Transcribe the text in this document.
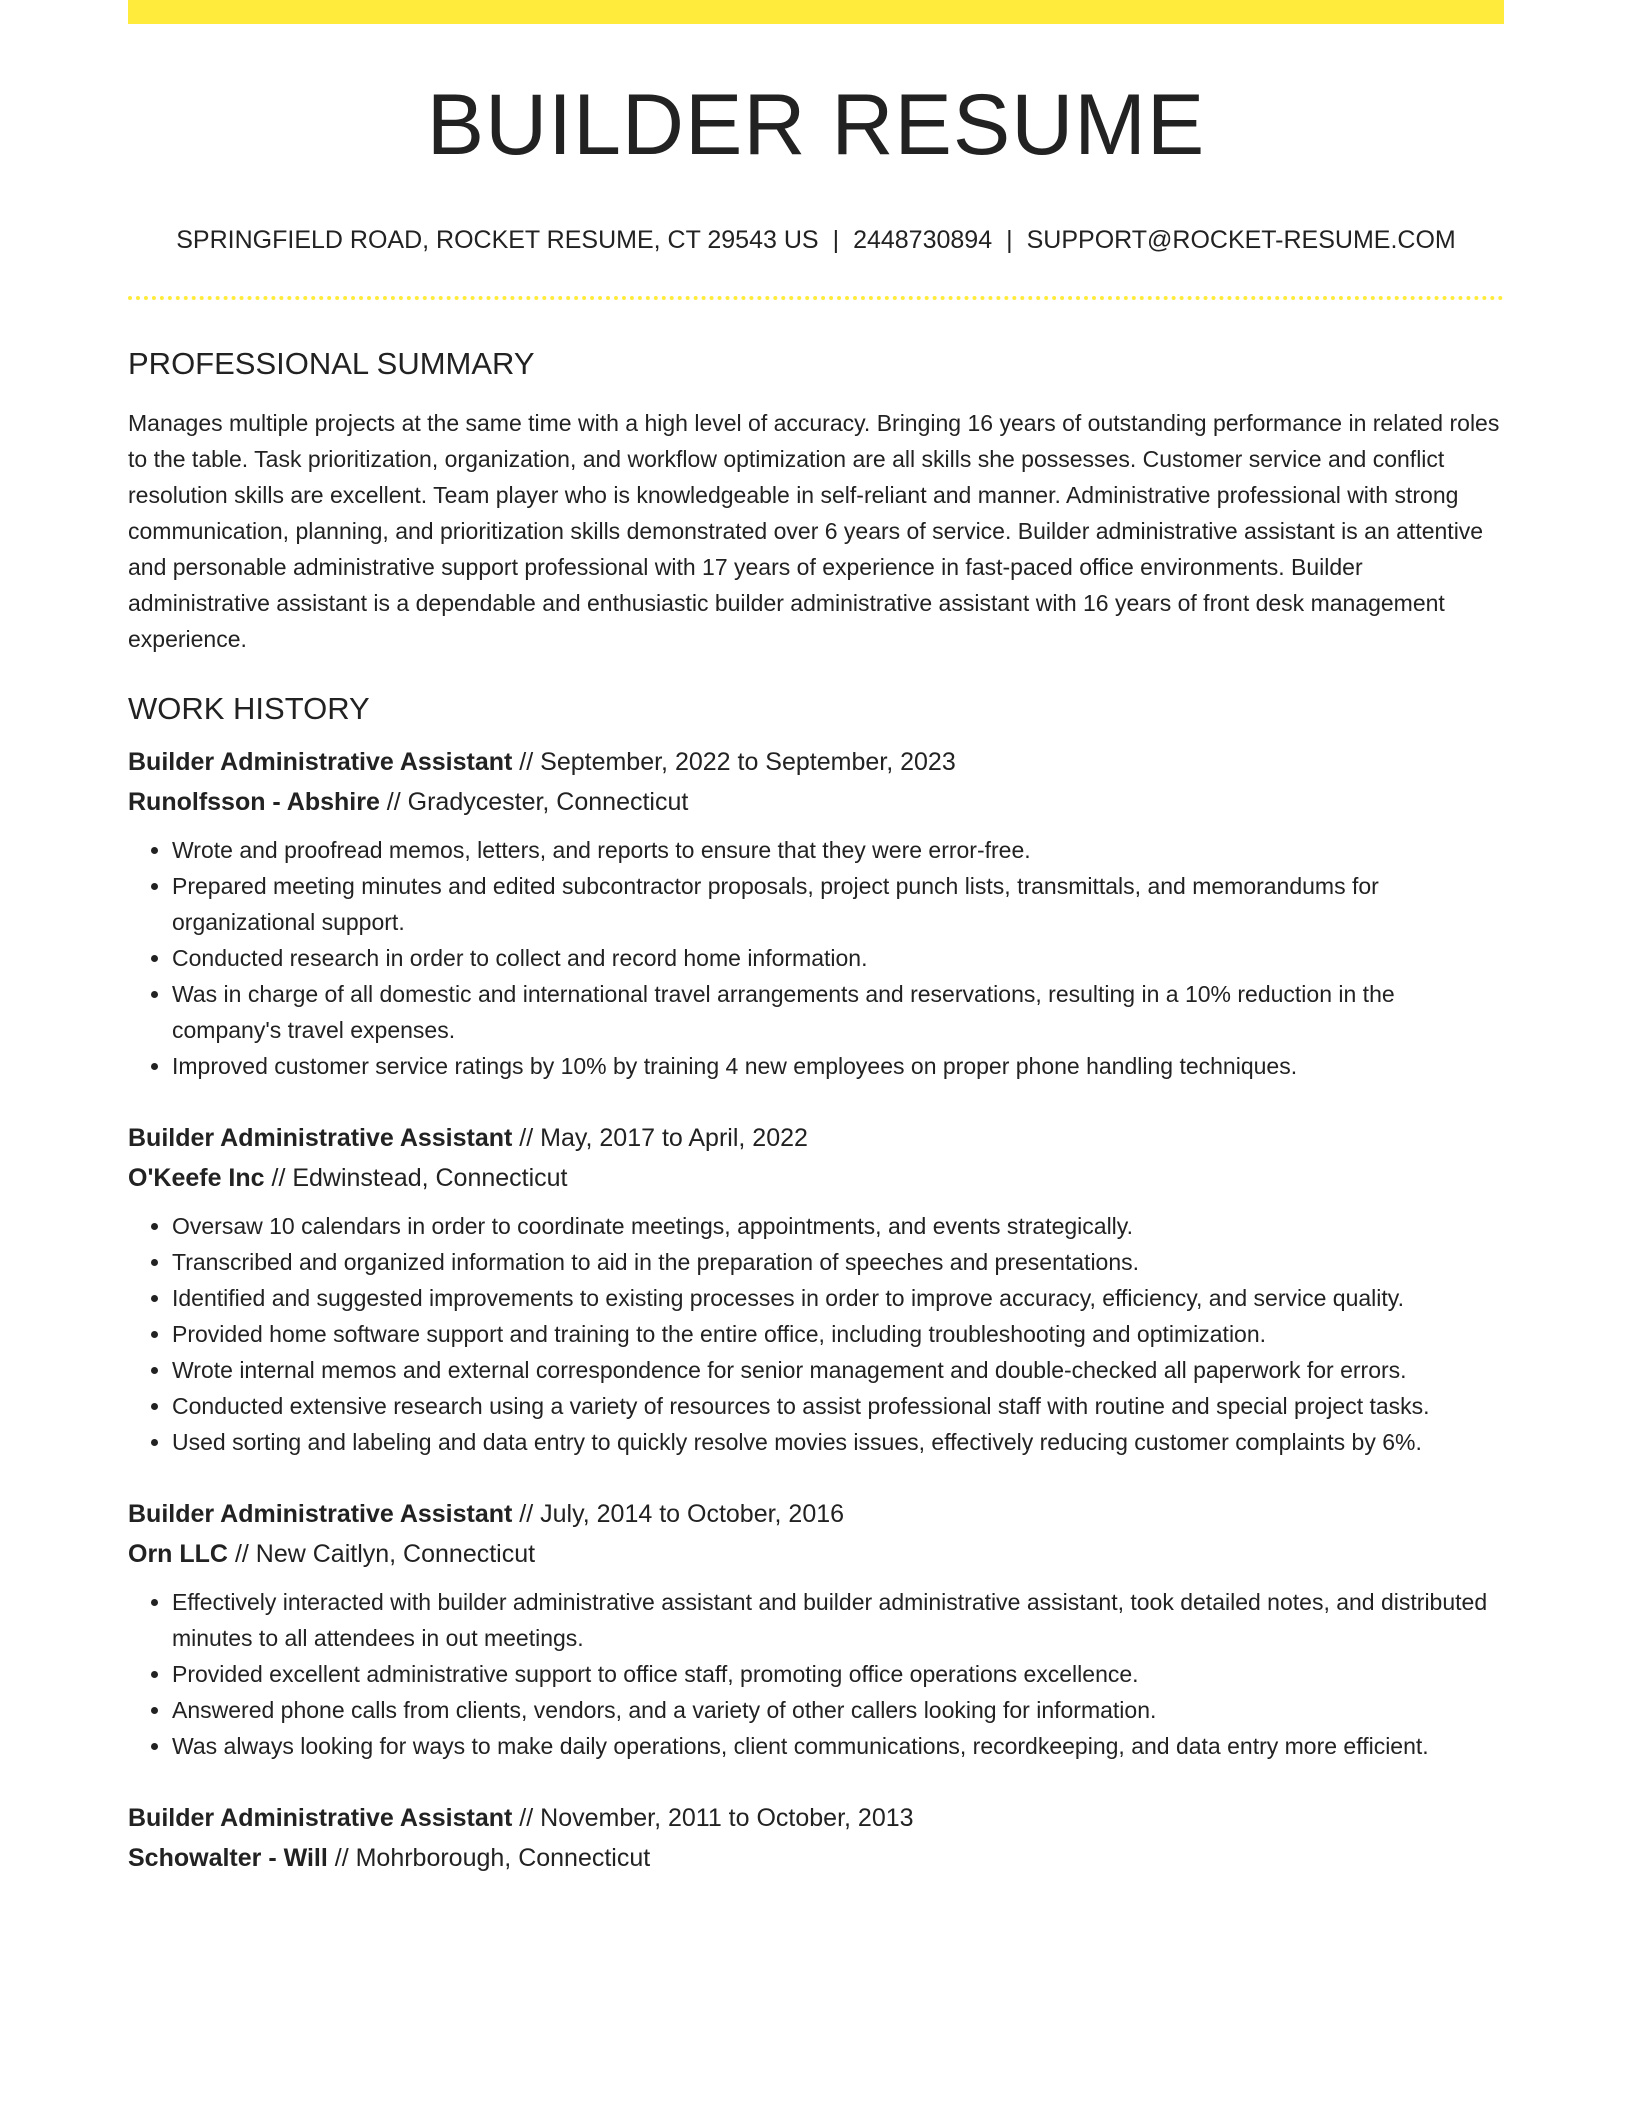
BUILDER RESUME
SPRINGFIELD ROAD, ROCKET RESUME, CT 29543 US | 2448730894 | SUPPORT@ROCKET-RESUME.COM
PROFESSIONAL SUMMARY
Manages multiple projects at the same time with a high level of accuracy. Bringing 16 years of outstanding performance in related roles to the table. Task prioritization, organization, and workflow optimization are all skills she possesses. Customer service and conflict resolution skills are excellent. Team player who is knowledgeable in self-reliant and manner. Administrative professional with strong communication, planning, and prioritization skills demonstrated over 6 years of service. Builder administrative assistant is an attentive and personable administrative support professional with 17 years of experience in fast-paced office environments. Builder administrative assistant is a dependable and enthusiastic builder administrative assistant with 16 years of front desk management experience.
WORK HISTORY
Builder Administrative Assistant // September, 2022 to September, 2023
Runolfsson - Abshire // Gradycester, Connecticut
• Wrote and proofread memos, letters, and reports to ensure that they were error-free.
• Prepared meeting minutes and edited subcontractor proposals, project punch lists, transmittals, and memorandums for organizational support.
• Conducted research in order to collect and record home information.
• Was in charge of all domestic and international travel arrangements and reservations, resulting in a 10% reduction in the company's travel expenses.
• Improved customer service ratings by 10% by training 4 new employees on proper phone handling techniques.
Builder Administrative Assistant // May, 2017 to April, 2022
O'Keefe Inc // Edwinstead, Connecticut
• Oversaw 10 calendars in order to coordinate meetings, appointments, and events strategically.
• Transcribed and organized information to aid in the preparation of speeches and presentations.
• Identified and suggested improvements to existing processes in order to improve accuracy, efficiency, and service quality.
• Provided home software support and training to the entire office, including troubleshooting and optimization.
• Wrote internal memos and external correspondence for senior management and double-checked all paperwork for errors.
• Conducted extensive research using a variety of resources to assist professional staff with routine and special project tasks.
• Used sorting and labeling and data entry to quickly resolve movies issues, effectively reducing customer complaints by 6%.
Builder Administrative Assistant // July, 2014 to October, 2016
Orn LLC // New Caitlyn, Connecticut
• Effectively interacted with builder administrative assistant and builder administrative assistant, took detailed notes, and distributed minutes to all attendees in out meetings.
• Provided excellent administrative support to office staff, promoting office operations excellence.
• Answered phone calls from clients, vendors, and a variety of other callers looking for information.
• Was always looking for ways to make daily operations, client communications, recordkeeping, and data entry more efficient.
Builder Administrative Assistant // November, 2011 to October, 2013
Schowalter - Will // Mohrborough, Connecticut
